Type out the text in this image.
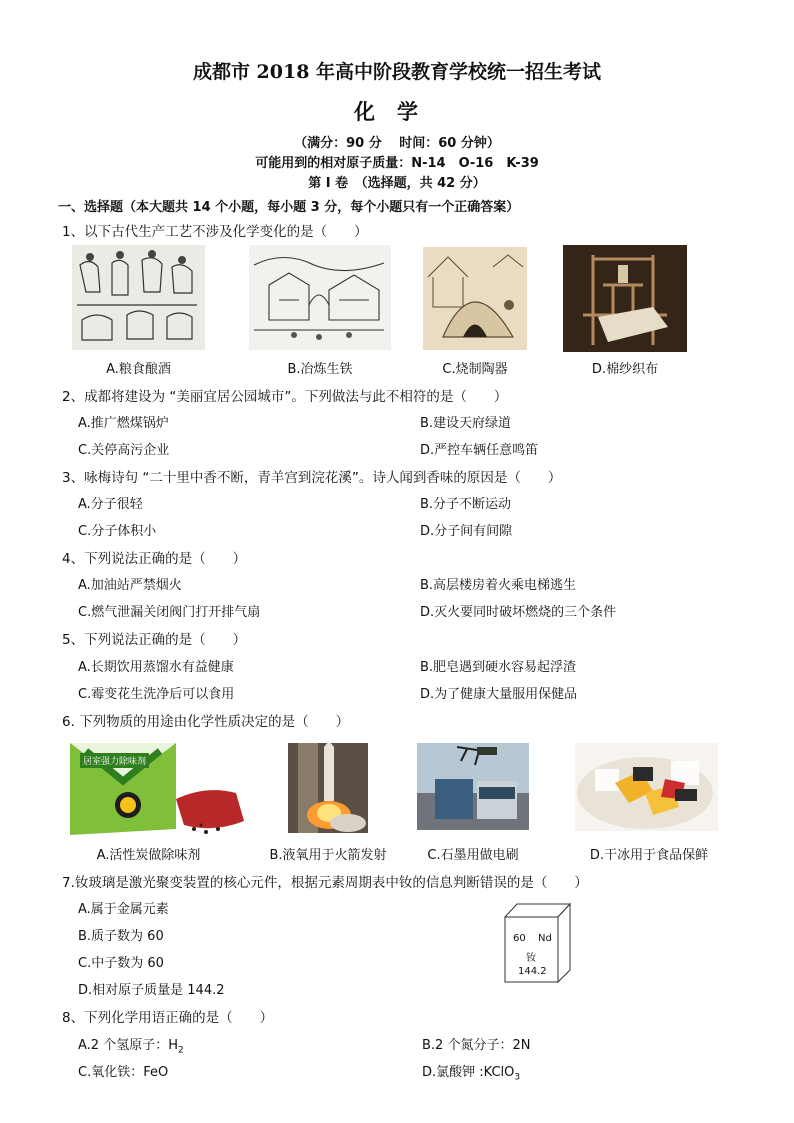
成都市 2018 年高中阶段教育学校统一招生考试
化学
（满分：90 分　 时间：60 分钟）
可能用到的相对原子质量：N-14　O-16　K-39
第 I 卷　（选择题，共 42 分）
一、选择题（本大题共 14 个小题，每小题 3 分，每个小题只有一个正确答案）
1、以下古代生产工艺不涉及化学变化的是（　　）
A.粮食酿酒	B.冶炼生铁	C.烧制陶器	D.棉纱织布
2、成都将建设为 “美丽宜居公园城市”。下列做法与此不相符的是（　　）
A.推广燃煤锅炉	B.建设天府绿道
C.关停高污企业	D.严控车辆任意鸣笛
3、咏梅诗句 “二十里中香不断，青羊宫到浣花溪”。诗人闻到香味的原因是（　　）
A.分子很轻	B.分子不断运动
C.分子体积小	D.分子间有间隙
4、下列说法正确的是（　　）
A.加油站严禁烟火	B.高层楼房着火乘电梯逃生
C.燃气泄漏关闭阀门打开排气扇	D.灭火要同时破坏燃烧的三个条件
5、下列说法正确的是（　　）
A.长期饮用蒸馏水有益健康	B.肥皂遇到硬水容易起浮渣
C.霉变花生洗净后可以食用	D.为了健康大量服用保健品
6. 下列物质的用途由化学性质决定的是（　　）
居室强力除味剂
A.活性炭做除味剂	B.液氧用于火箭发射	C.石墨用做电刷	D.干冰用于食品保鲜
7.钕玻璃是激光聚变装置的核心元件，根据元素周期表中钕的信息判断错误的是（　　）
A.属于金属元素
B.质子数为 60
C.中子数为 60
D.相对原子质量是 144.2
60 Nd
钕
144.2
8、下列化学用语正确的是（　　）
A.2 个氢原子：$H_2$	B.2 个氮分子：2N
C.氧化铁：FeO	D.氯酸钾 :KClO$_3$
